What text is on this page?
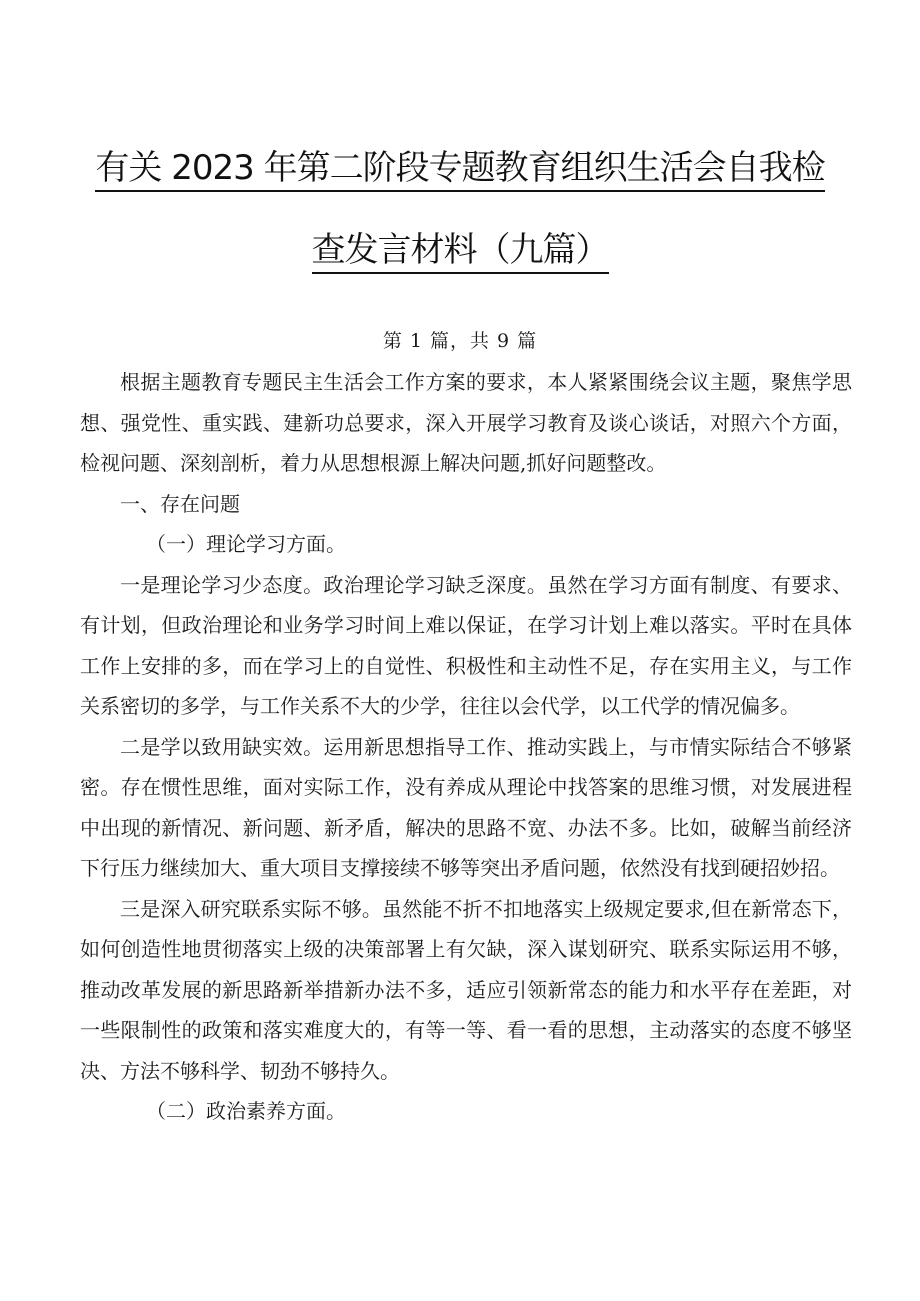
有关 2023 年第二阶段专题教育组织生活会自我检
查发言材料（九篇）
第 1 篇，共 9 篇

根据主题教育专题民主生活会工作方案的要求，本人紧紧围绕会议主题，聚焦学思想、强党性、重实践、建新功总要求，深入开展学习教育及谈心谈话，对照六个方面，检视问题、深刻剖析，着力从思想根源上解决问题,抓好问题整改。

一、存在问题

（一）理论学习方面。

一是理论学习少态度。政治理论学习缺乏深度。虽然在学习方面有制度、有要求、有计划，但政治理论和业务学习时间上难以保证，在学习计划上难以落实。平时在具体工作上安排的多，而在学习上的自觉性、积极性和主动性不足，存在实用主义，与工作关系密切的多学，与工作关系不大的少学，往往以会代学，以工代学的情况偏多。

二是学以致用缺实效。运用新思想指导工作、推动实践上，与市情实际结合不够紧密。存在惯性思维，面对实际工作，没有养成从理论中找答案的思维习惯，对发展进程中出现的新情况、新问题、新矛盾，解决的思路不宽、办法不多。比如，破解当前经济下行压力继续加大、重大项目支撑接续不够等突出矛盾问题，依然没有找到硬招妙招。

三是深入研究联系实际不够。虽然能不折不扣地落实上级规定要求,但在新常态下，如何创造性地贯彻落实上级的决策部署上有欠缺，深入谋划研究、联系实际运用不够，推动改革发展的新思路新举措新办法不多，适应引领新常态的能力和水平存在差距，对一些限制性的政策和落实难度大的，有等一等、看一看的思想，主动落实的态度不够坚决、方法不够科学、韧劲不够持久。

（二）政治素养方面。
